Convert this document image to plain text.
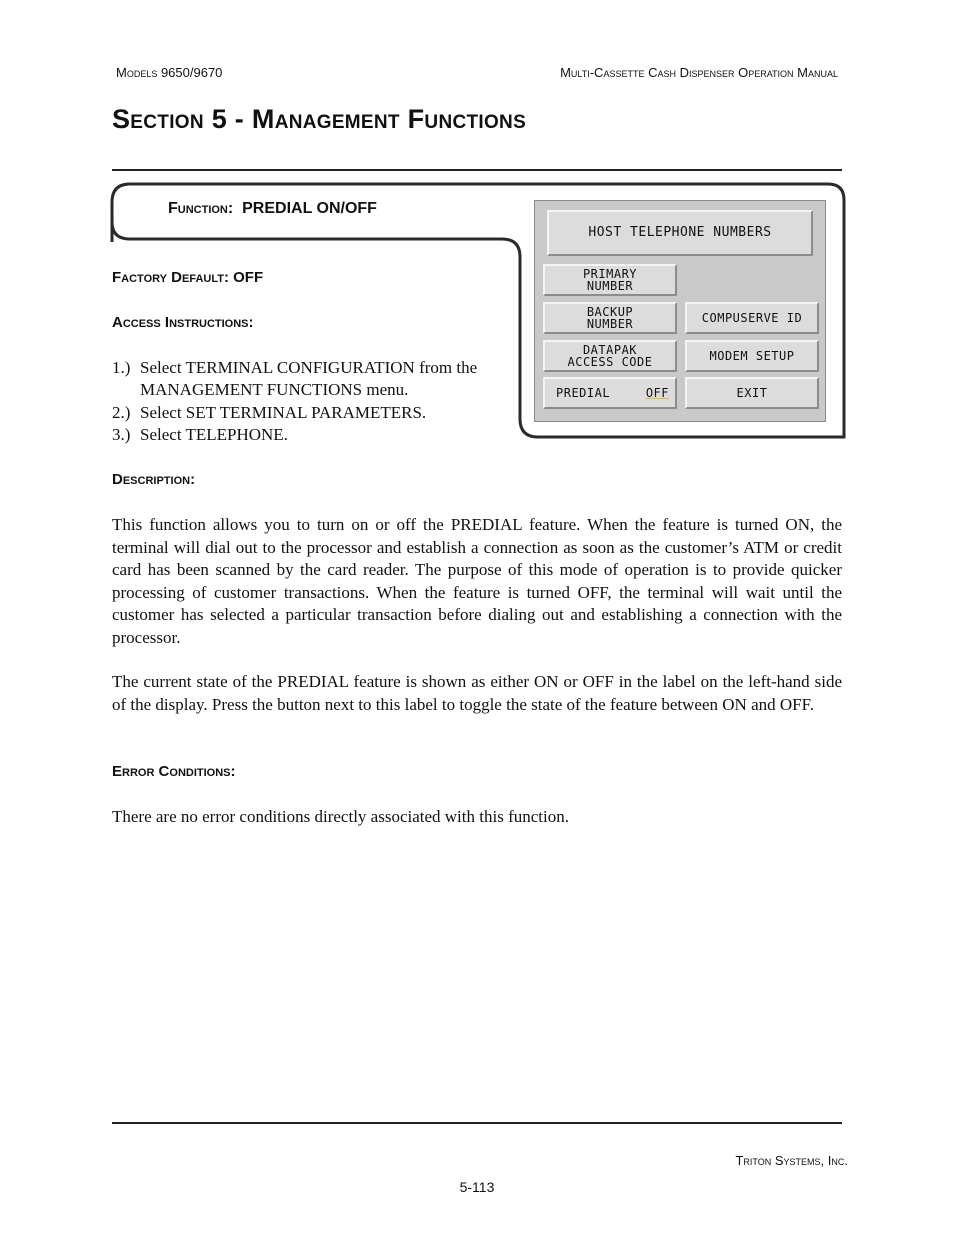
Models 9650/9670	Multi-Cassette Cash Dispenser Operation Manual
Section 5 - Management Functions
Function: PREDIAL ON/OFF
HOST TELEPHONE NUMBERS
PRIMARY
NUMBER
BACKUP
NUMBER
DATAPAK
ACCESS CODE
PREDIAL	OFF
COMPUSERVE ID
MODEM SETUP
EXIT
Factory Default: OFF
Access Instructions:
1.) Select TERMINAL CONFIGURATION from the
MANAGEMENT FUNCTIONS menu.
2.) Select SET TERMINAL PARAMETERS.
3.) Select TELEPHONE.
Description:

This function allows you to turn on or off the PREDIAL feature. When the feature is turned ON, the terminal will dial out to the processor and establish a connection as soon as the customer’s ATM or credit card has been scanned by the card reader. The purpose of this mode of operation is to provide quicker processing of customer transactions. When the feature is turned OFF, the terminal will wait until the customer has selected a particular transaction before dialing out and establishing a connection with the processor.

The current state of the PREDIAL feature is shown as either ON or OFF in the label on the left-hand side of the display. Press the button next to this label to toggle the state of the feature between ON and OFF.

Error Conditions:

There are no error conditions directly associated with this function.

Triton Systems, Inc.
5-113
